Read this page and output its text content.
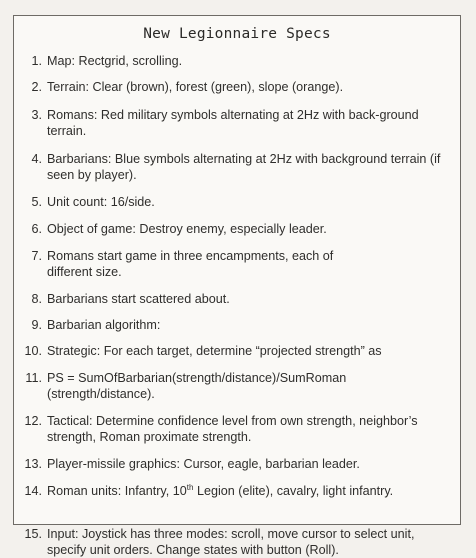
New Legionnaire Specs
1. Map: Rectgrid, scrolling.
2. Terrain: Clear (brown), forest (green), slope (orange).
3. Romans: Red military symbols alternating at 2Hz with back-ground terrain.
4. Barbarians: Blue symbols alternating at 2Hz with background terrain (if seen by player).
5. Unit count: 16/side.
6. Object of game: Destroy enemy, especially leader.
7. Romans start game in three encampments, each of different size.
8. Barbarians start scattered about.
9. Barbarian algorithm:
10. Strategic: For each target, determine “projected strength” as
11. PS = SumOfBarbarian(strength/distance)/SumRoman (strength/distance).
12. Tactical: Determine confidence level from own strength, neighbor’s strength, Roman proximate strength.
13. Player-missile graphics: Cursor, eagle, barbarian leader.
14. Roman units: Infantry, 10th Legion (elite), cavalry, light infantry.
15. Input: Joystick has three modes: scroll, move cursor to select unit, specify unit orders. Change states with button (Roll).
